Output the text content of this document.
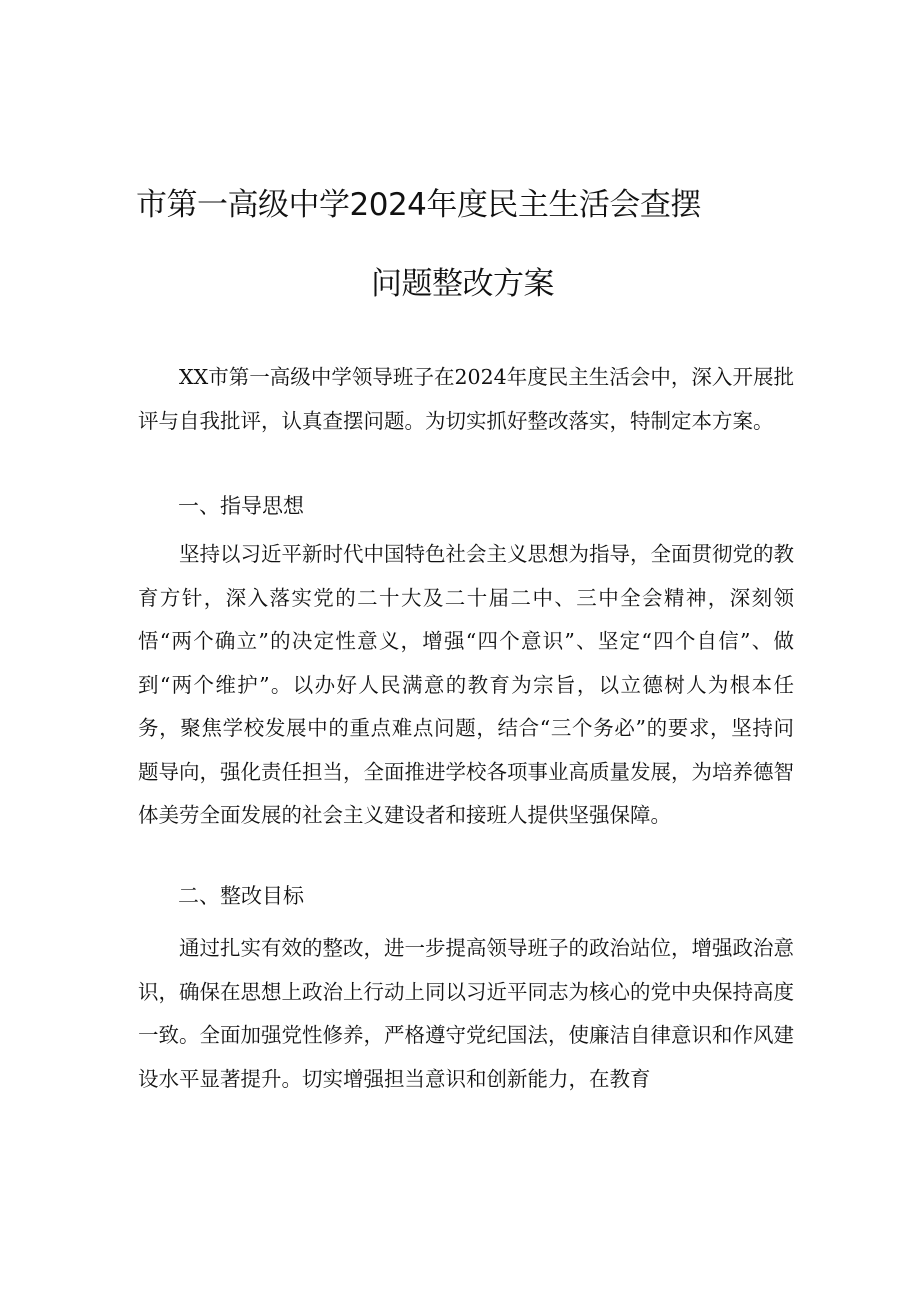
市第一高级中学2024年度民主生活会查摆
问题整改方案
XX市第一高级中学领导班子在2024年度民主生活会中，深入开展批评与自我批评，认真查摆问题。为切实抓好整改落实，特制定本方案。
一、指导思想
坚持以习近平新时代中国特色社会主义思想为指导，全面贯彻党的教育方针，深入落实党的二十大及二十届二中、三中全会精神，深刻领悟“两个确立”的决定性意义，增强“四个意识”、坚定“四个自信”、做到“两个维护”。以办好人民满意的教育为宗旨，以立德树人为根本任务，聚焦学校发展中的重点难点问题，结合“三个务必”的要求，坚持问题导向，强化责任担当，全面推进学校各项事业高质量发展，为培养德智体美劳全面发展的社会主义建设者和接班人提供坚强保障。
二、整改目标
通过扎实有效的整改，进一步提高领导班子的政治站位，增强政治意识，确保在思想上政治上行动上同以习近平同志为核心的党中央保持高度一致。全面加强党性修养，严格遵守党纪国法，使廉洁自律意识和作风建设水平显著提升。切实增强担当意识和创新能力，在教育
